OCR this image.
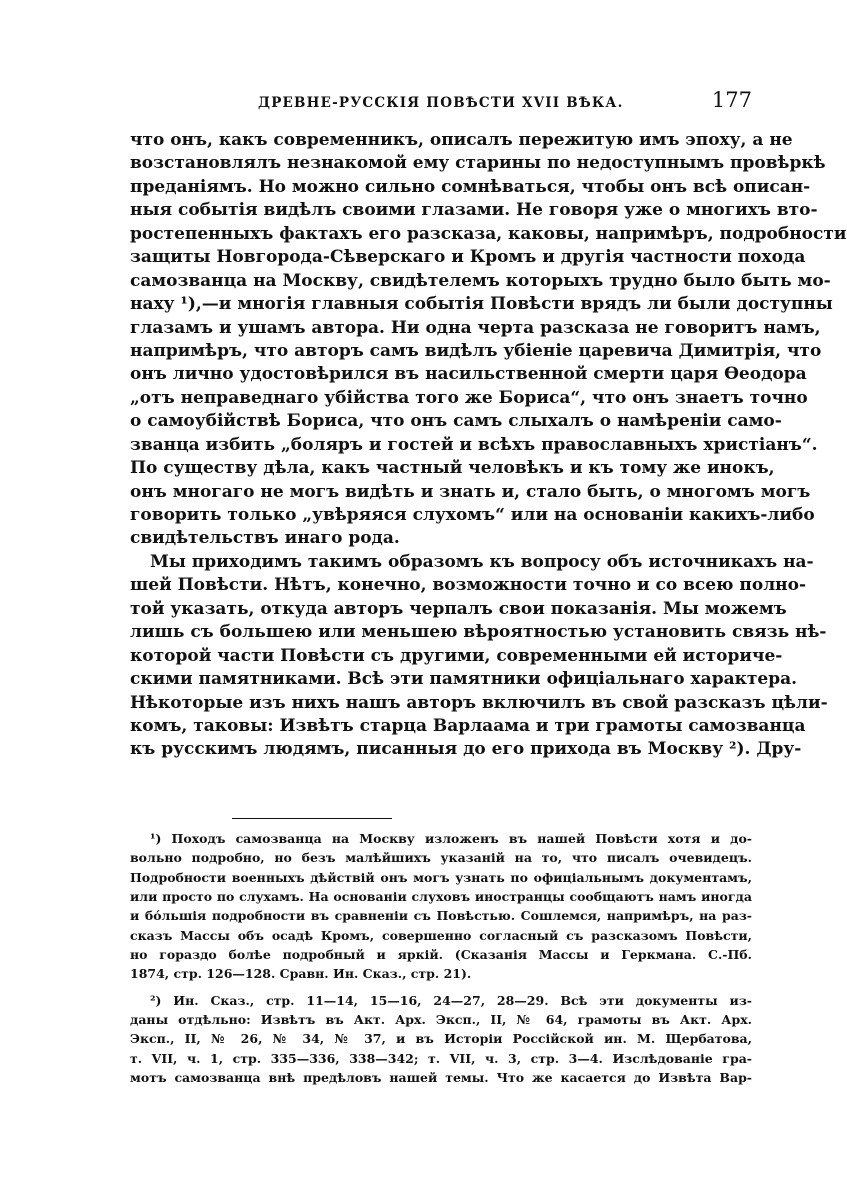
ДРЕВНЕ-РУССКІЯ ПОВѢСТИ XVII ВѢКА.	177
что онъ, какъ современникъ, описалъ пережитую имъ эпоху, а не
возстановлялъ незнакомой ему старины по недоступнымъ провѣркѣ
преданіямъ. Но можно сильно сомнѣваться, чтобы онъ всѣ описан-
ныя событія видѣлъ своими глазами. Не говоря уже о многихъ вто-
ростепенныхъ фактахъ его разсказа, каковы, напримѣръ, подробности
защиты Новгорода-Сѣверскаго и Кромъ и другія частности похода
самозванца на Москву, свидѣтелемъ которыхъ трудно было быть мо-
наху ¹),—и многія главныя событія Повѣсти врядъ ли были доступны
глазамъ и ушамъ автора. Ни одна черта разсказа не говоритъ намъ,
напримѣръ, что авторъ самъ видѣлъ убіеніе царевича Димитрія, что
онъ лично удостовѣрился въ насильственной смерти царя Ѳеодора
„отъ неправеднаго убійства того же Бориса“, что онъ знаетъ точно
о самоубійствѣ Бориса, что онъ самъ слыхалъ о намѣреніи само-
званца избить „боляръ и гостей и всѣхъ православныхъ христіанъ“.
По существу дѣла, какъ частный человѣкъ и къ тому же инокъ,
онъ многаго не могъ видѣть и знать и, стало быть, о многомъ могъ
говорить только „увѣряяся слухомъ“ или на основаніи какихъ-либо
свидѣтельствъ инаго рода.
Мы приходимъ такимъ образомъ къ вопросу объ источникахъ на-
шей Повѣсти. Нѣтъ, конечно, возможности точно и со всею полно-
той указать, откуда авторъ черпалъ свои показанія. Мы можемъ
лишь съ большею или меньшею вѣроятностью установить связь нѣ-
которой части Повѣсти съ другими, современными ей историче-
скими памятниками. Всѣ эти памятники офиціальнаго характера.
Нѣкоторые изъ нихъ нашъ авторъ включилъ въ свой разсказъ цѣли-
комъ, таковы: Извѣтъ старца Варлаама и три грамоты самозванца
къ русскимъ людямъ, писанныя до его прихода въ Москву ²). Дру-
¹) Походъ самозванца на Москву изложенъ въ нашей Повѣсти хотя и до-
вольно подробно, но безъ малѣйшихъ указаній на то, что писалъ очевидецъ.
Подробности военныхъ дѣйствій онъ могъ узнать по офиціальнымъ документамъ,
или просто по слухамъ. На основаніи слуховъ иностранцы сообщаютъ намъ иногда
и бо́льшія подробности въ сравненіи съ Повѣстью. Сошлемся, напримѣръ, на раз-
сказъ Массы объ осадѣ Кромъ, совершенно согласный съ разсказомъ Повѣсти,
но гораздо болѣе подробный и яркій. (Сказанія Массы и Геркмана. С.-Пб.
1874, стр. 126—128. Сравн. Ин. Сказ., стр. 21).
²) Ин. Сказ., стр. 11—14, 15—16, 24—27, 28—29. Всѣ эти документы из-
даны отдѣльно: Извѣтъ въ Акт. Арх. Эксп., II, № 64, грамоты въ Акт. Арх.
Эксп., II, № 26, № 34, № 37, и въ Исторіи Россійской ин. М. Щербатова,
т. VII, ч. 1, стр. 335—336, 338—342; т. VII, ч. 3, стр. 3—4. Изслѣдованіе гра-
мотъ самозванца внѣ предѣловъ нашей темы. Что же касается до Извѣта Вар-
